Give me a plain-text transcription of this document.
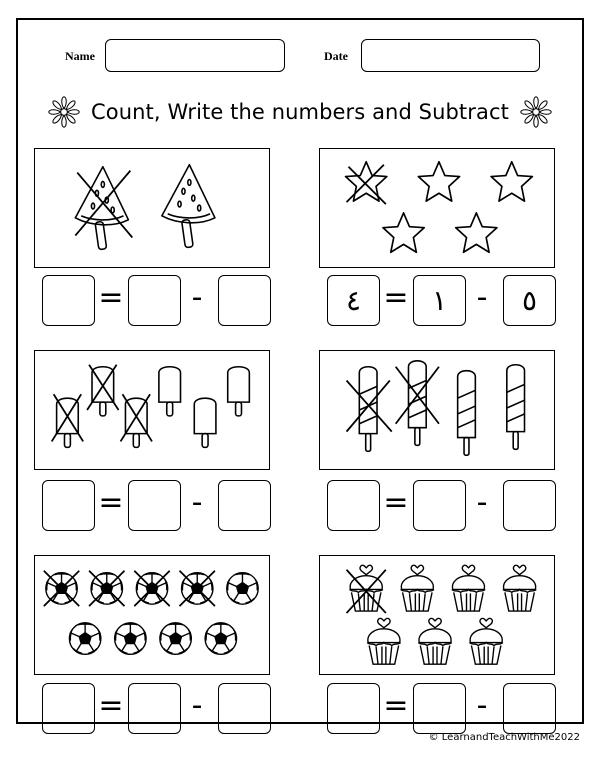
Name	Date
Count, Write the numbers and Subtract
=	-	٤ = ١ -	٥
=	-	=	-
=	-	=	-
© LearnandTeachWithMe2022
